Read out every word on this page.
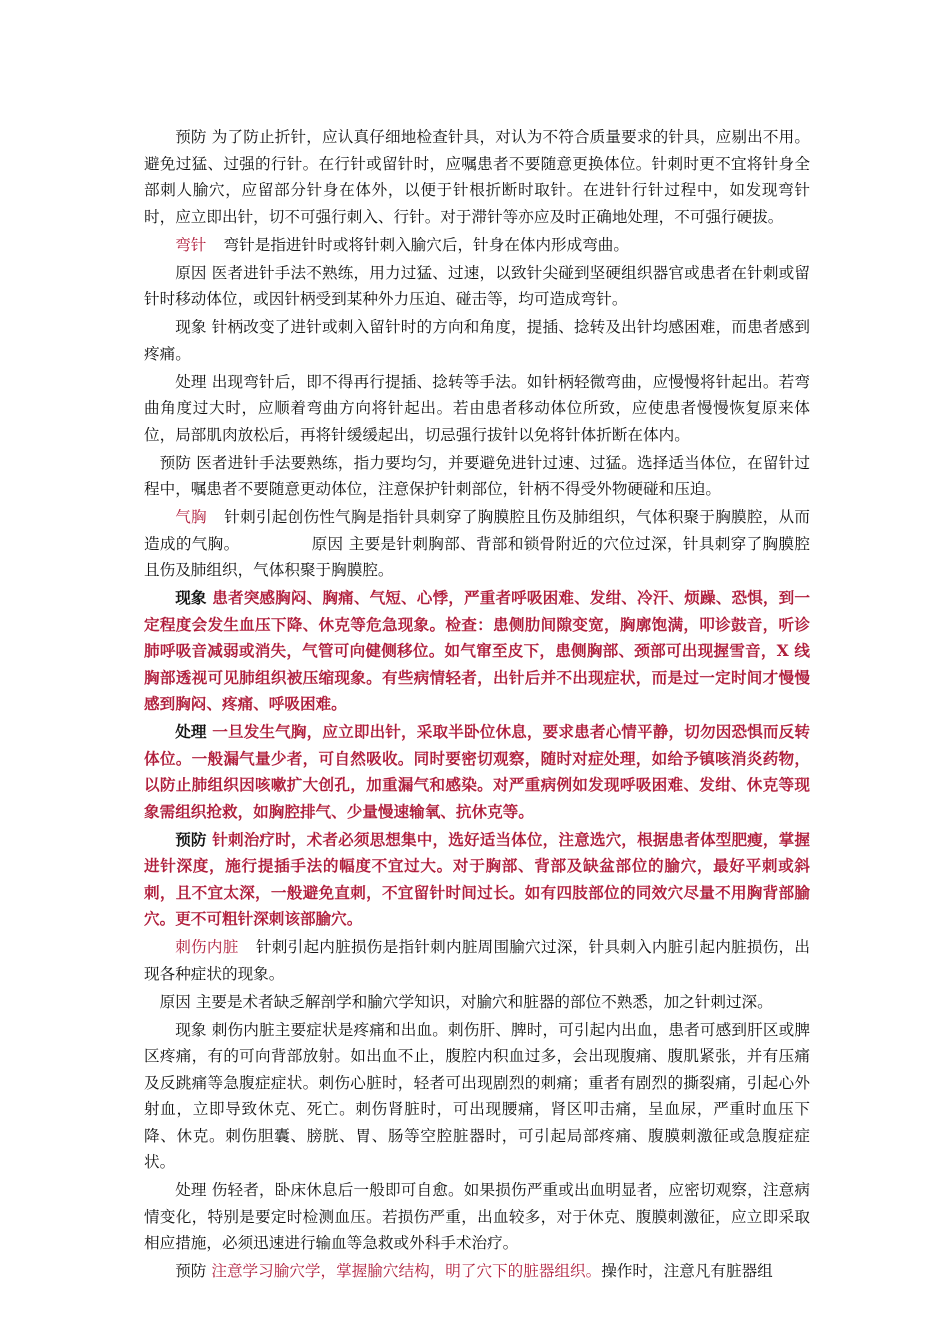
预防 为了防止折针，应认真仔细地检查针具，对认为不符合质量要求的针具，应剔出不用。避免过猛、过强的行针。在行针或留针时，应嘱患者不要随意更换体位。针刺时更不宜将针身全部刺人腧穴，应留部分针身在体外，以便于针根折断时取针。在进针行针过程中，如发现弯针时，应立即出针，切不可强行刺入、行针。对于滞针等亦应及时正确地处理，不可强行硬拔。

弯针 弯针是指进针时或将针刺入腧穴后，针身在体内形成弯曲。

原因 医者进针手法不熟练，用力过猛、过速，以致针尖碰到坚硬组织器官或患者在针刺或留针时移动体位，或因针柄受到某种外力压迫、碰击等，均可造成弯针。

现象 针柄改变了进针或刺入留针时的方向和角度，提插、捻转及出针均感困难，而患者感到疼痛。

处理 出现弯针后，即不得再行提插、捻转等手法。如针柄轻微弯曲，应慢慢将针起出。若弯曲角度过大时，应顺着弯曲方向将针起出。若由患者移动体位所致，应使患者慢慢恢复原来体位，局部肌肉放松后，再将针缓缓起出，切忌强行拔针以免将针体折断在体内。

预防 医者进针手法要熟练，指力要均匀，并要避免进针过速、过猛。选择适当体位，在留针过程中，嘱患者不要随意更动体位，注意保护针刺部位，针柄不得受外物硬碰和压迫。

气胸 针刺引起创伤性气胸是指针具刺穿了胸膜腔且伤及肺组织，气体积聚于胸膜腔，从而造成的气胸。	原因 主要是针刺胸部、背部和锁骨附近的穴位过深，针具刺穿了胸膜腔且伤及肺组织，气体积聚于胸膜腔。

现象 患者突感胸闷、胸痛、气短、心悸，严重者呼吸困难、发绀、冷汗、烦躁、恐惧，到一定程度会发生血压下降、休克等危急现象。检查：患侧肋间隙变宽，胸廓饱满，叩诊鼓音，听诊肺呼吸音减弱或消失，气管可向健侧移位。如气窜至皮下，患侧胸部、颈部可出现握雪音，X 线胸部透视可见肺组织被压缩现象。有些病情轻者，出针后并不出现症状，而是过一定时间才慢慢感到胸闷、疼痛、呼吸困难。

处理 一旦发生气胸，应立即出针，采取半卧位休息，要求患者心情平静，切勿因恐惧而反转体位。一般漏气量少者，可自然吸收。同时要密切观察，随时对症处理，如给予镇咳消炎药物，以防止肺组织因咳嗽扩大创孔，加重漏气和感染。对严重病例如发现呼吸困难、发绀、休克等现象需组织抢救，如胸腔排气、少量慢速输氧、抗休克等。

预防 针刺治疗时，术者必须思想集中，选好适当体位，注意选穴，根据患者体型肥瘦，掌握进针深度，施行提插手法的幅度不宜过大。对于胸部、背部及缺盆部位的腧穴，最好平刺或斜刺，且不宜太深，一般避免直刺，不宜留针时间过长。如有四肢部位的同效穴尽量不用胸背部腧穴。更不可粗针深刺该部腧穴。

刺伤内脏 针刺引起内脏损伤是指针刺内脏周围腧穴过深，针具刺入内脏引起内脏损伤，出现各种症状的现象。

原因 主要是术者缺乏解剖学和腧穴学知识，对腧穴和脏器的部位不熟悉，加之针刺过深。

现象 刺伤内脏主要症状是疼痛和出血。刺伤肝、脾时，可引起内出血，患者可感到肝区或脾区疼痛，有的可向背部放射。如出血不止，腹腔内积血过多，会出现腹痛、腹肌紧张，并有压痛及反跳痛等急腹症症状。刺伤心脏时，轻者可出现剧烈的刺痛；重者有剧烈的撕裂痛，引起心外射血，立即导致休克、死亡。刺伤肾脏时，可出现腰痛，肾区叩击痛，呈血尿，严重时血压下降、休克。刺伤胆囊、膀胱、胃、肠等空腔脏器时，可引起局部疼痛、腹膜刺激征或急腹症症状。

处理 伤轻者，卧床休息后一般即可自愈。如果损伤严重或出血明显者，应密切观察，注意病情变化，特别是要定时检测血压。若损伤严重，出血较多，对于休克、腹膜刺激征，应立即采取相应措施，必须迅速进行输血等急救或外科手术治疗。

预防 注意学习腧穴学，掌握腧穴结构，明了穴下的脏器组织。操作时，注意凡有脏器组
